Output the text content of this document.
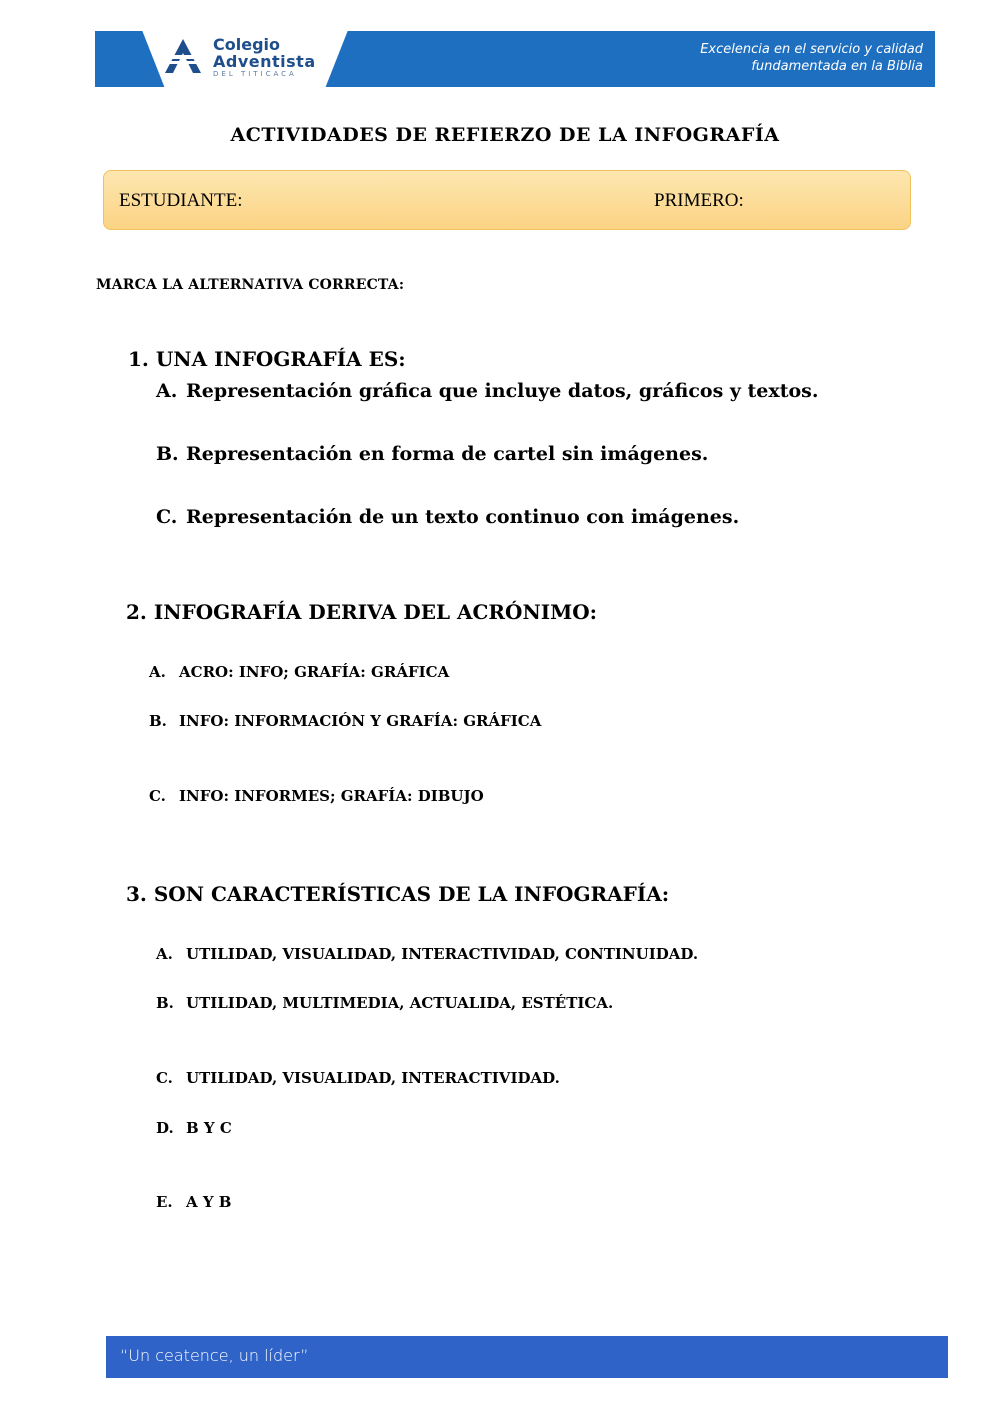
Colegio
Adventista
DEL TITICACA
Excelencia en el servicio y calidad
fundamentada en la Biblia
ACTIVIDADES DE REFIERZO DE LA INFOGRAFÍA
ESTUDIANTE:	PRIMERO:
MARCA LA ALTERNATIVA CORRECTA:
1. UNA INFOGRAFÍA ES:
A. Representación gráfica que incluye datos, gráficos y textos.
B. Representación en forma de cartel sin imágenes.
C. Representación de un texto continuo con imágenes.
2. INFOGRAFÍA DERIVA DEL ACRÓNIMO:
A. ACRO: INFO; GRAFÍA: GRÁFICA
B. INFO: INFORMACIÓN Y GRAFÍA: GRÁFICA
C. INFO: INFORMES; GRAFÍA: DIBUJO
3. SON CARACTERÍSTICAS DE LA INFOGRAFÍA:
A. UTILIDAD, VISUALIDAD, INTERACTIVIDAD, CONTINUIDAD.
B. UTILIDAD, MULTIMEDIA, ACTUALIDA, ESTÉTICA.
C. UTILIDAD, VISUALIDAD, INTERACTIVIDAD.
D. B Y C
E. A Y B
“Un ceatence, un líder”
